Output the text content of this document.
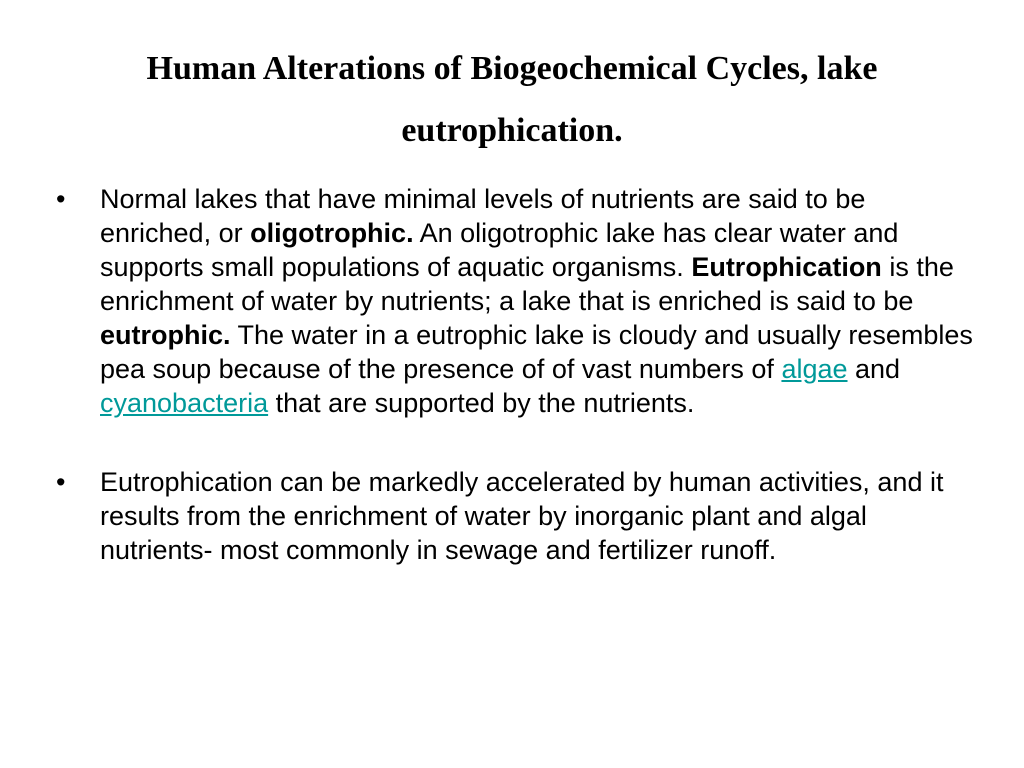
Human Alterations of Biogeochemical Cycles, lake
eutrophication.
•	Normal lakes that have minimal levels of nutrients are said to be enriched, or oligotrophic. An oligotrophic lake has clear water and supports small populations of aquatic organisms. Eutrophication is the enrichment of water by nutrients; a lake that is enriched is said to be eutrophic. The water in a eutrophic lake is cloudy and usually resembles pea soup because of the presence of of vast numbers of algae and cyanobacteria that are supported by the nutrients.
•	Eutrophication can be markedly accelerated by human activities, and it results from the enrichment of water by inorganic plant and algal nutrients- most commonly in sewage and fertilizer runoff.
